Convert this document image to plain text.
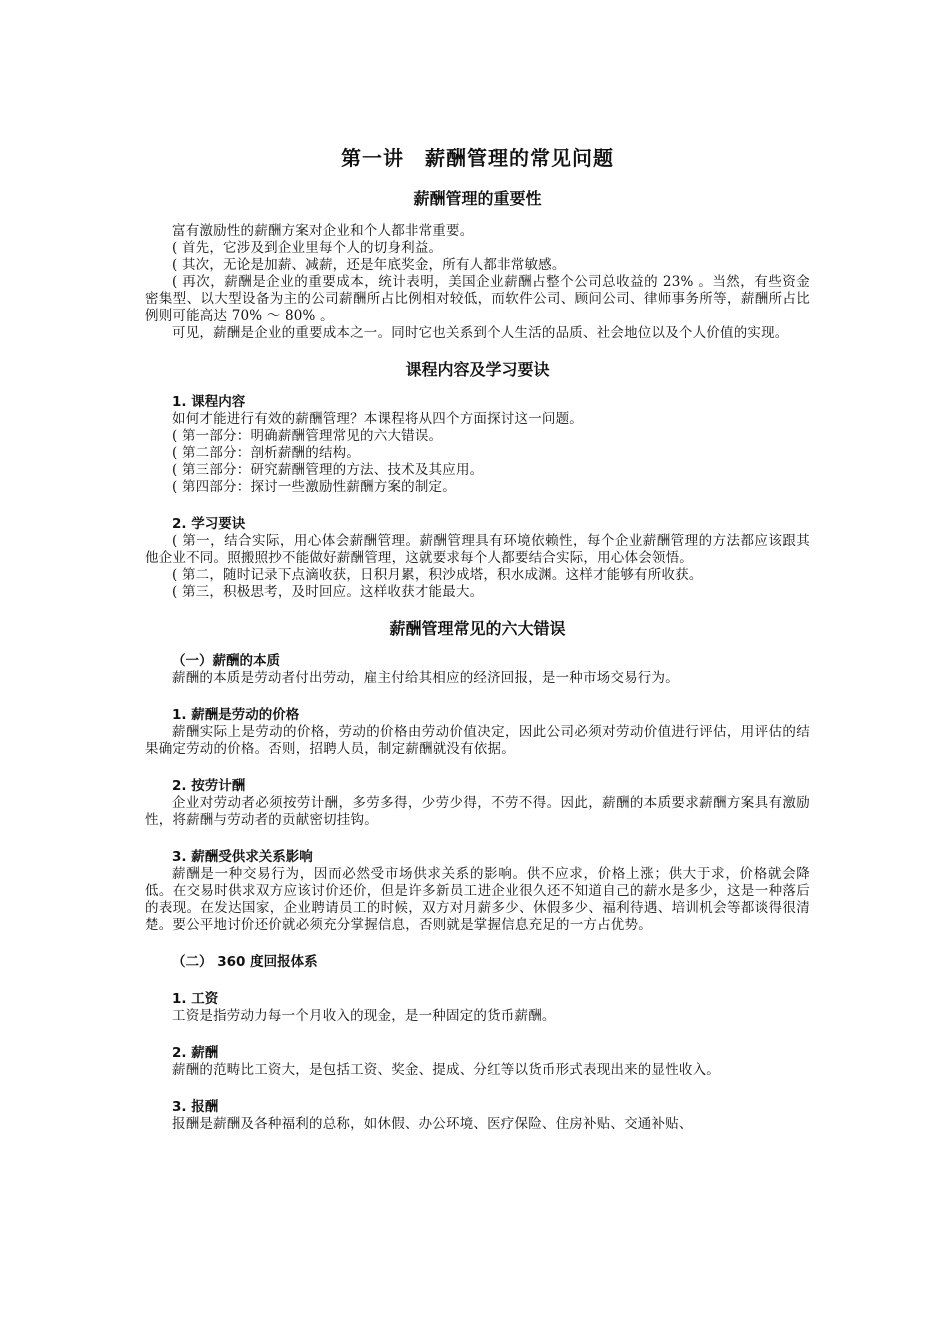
第一讲　薪酬管理的常见问题
薪酬管理的重要性

富有激励性的薪酬方案对企业和个人都非常重要。

( 首先，它涉及到企业里每个人的切身利益。

( 其次，无论是加薪、减薪，还是年底奖金，所有人都非常敏感。

( 再次，薪酬是企业的重要成本，统计表明，美国企业薪酬占整个公司总收益的 23% 。当然，有些资金密集型、以大型设备为主的公司薪酬所占比例相对较低，而软件公司、顾问公司、律师事务所等，薪酬所占比例则可能高达 70% ～ 80% 。

可见，薪酬是企业的重要成本之一。同时它也关系到个人生活的品质、社会地位以及个人价值的实现。

课程内容及学习要诀
1. 课程内容

如何才能进行有效的薪酬管理？本课程将从四个方面探讨这一问题。

( 第一部分：明确薪酬管理常见的六大错误。

( 第二部分：剖析薪酬的结构。

( 第三部分：研究薪酬管理的方法、技术及其应用。

( 第四部分：探讨一些激励性薪酬方案的制定。

2. 学习要诀

( 第一，结合实际，用心体会薪酬管理。薪酬管理具有环境依赖性，每个企业薪酬管理的方法都应该跟其他企业不同。照搬照抄不能做好薪酬管理，这就要求每个人都要结合实际，用心体会领悟。

( 第二，随时记录下点滴收获，日积月累，积沙成塔，积水成渊。这样才能够有所收获。

( 第三，积极思考，及时回应。这样收获才能最大。

薪酬管理常见的六大错误
（一）薪酬的本质

薪酬的本质是劳动者付出劳动，雇主付给其相应的经济回报，是一种市场交易行为。

1. 薪酬是劳动的价格

薪酬实际上是劳动的价格，劳动的价格由劳动价值决定，因此公司必须对劳动价值进行评估，用评估的结果确定劳动的价格。否则，招聘人员，制定薪酬就没有依据。

2. 按劳计酬

企业对劳动者必须按劳计酬，多劳多得，少劳少得，不劳不得。因此，薪酬的本质要求薪酬方案具有激励性，将薪酬与劳动者的贡献密切挂钩。

3. 薪酬受供求关系影响

薪酬是一种交易行为，因而必然受市场供求关系的影响。供不应求，价格上涨；供大于求，价格就会降低。在交易时供求双方应该讨价还价，但是许多新员工进企业很久还不知道自己的薪水是多少，这是一种落后的表现。在发达国家，企业聘请员工的时候，双方对月薪多少、休假多少、福利待遇、培训机会等都谈得很清楚。要公平地讨价还价就必须充分掌握信息，否则就是掌握信息充足的一方占优势。

（二） 360 度回报体系
1. 工资

工资是指劳动力每一个月收入的现金，是一种固定的货币薪酬。

2. 薪酬

薪酬的范畴比工资大，是包括工资、奖金、提成、分红等以货币形式表现出来的显性收入。

3. 报酬

报酬是薪酬及各种福利的总称，如休假、办公环境、医疗保险、住房补贴、交通补贴、
